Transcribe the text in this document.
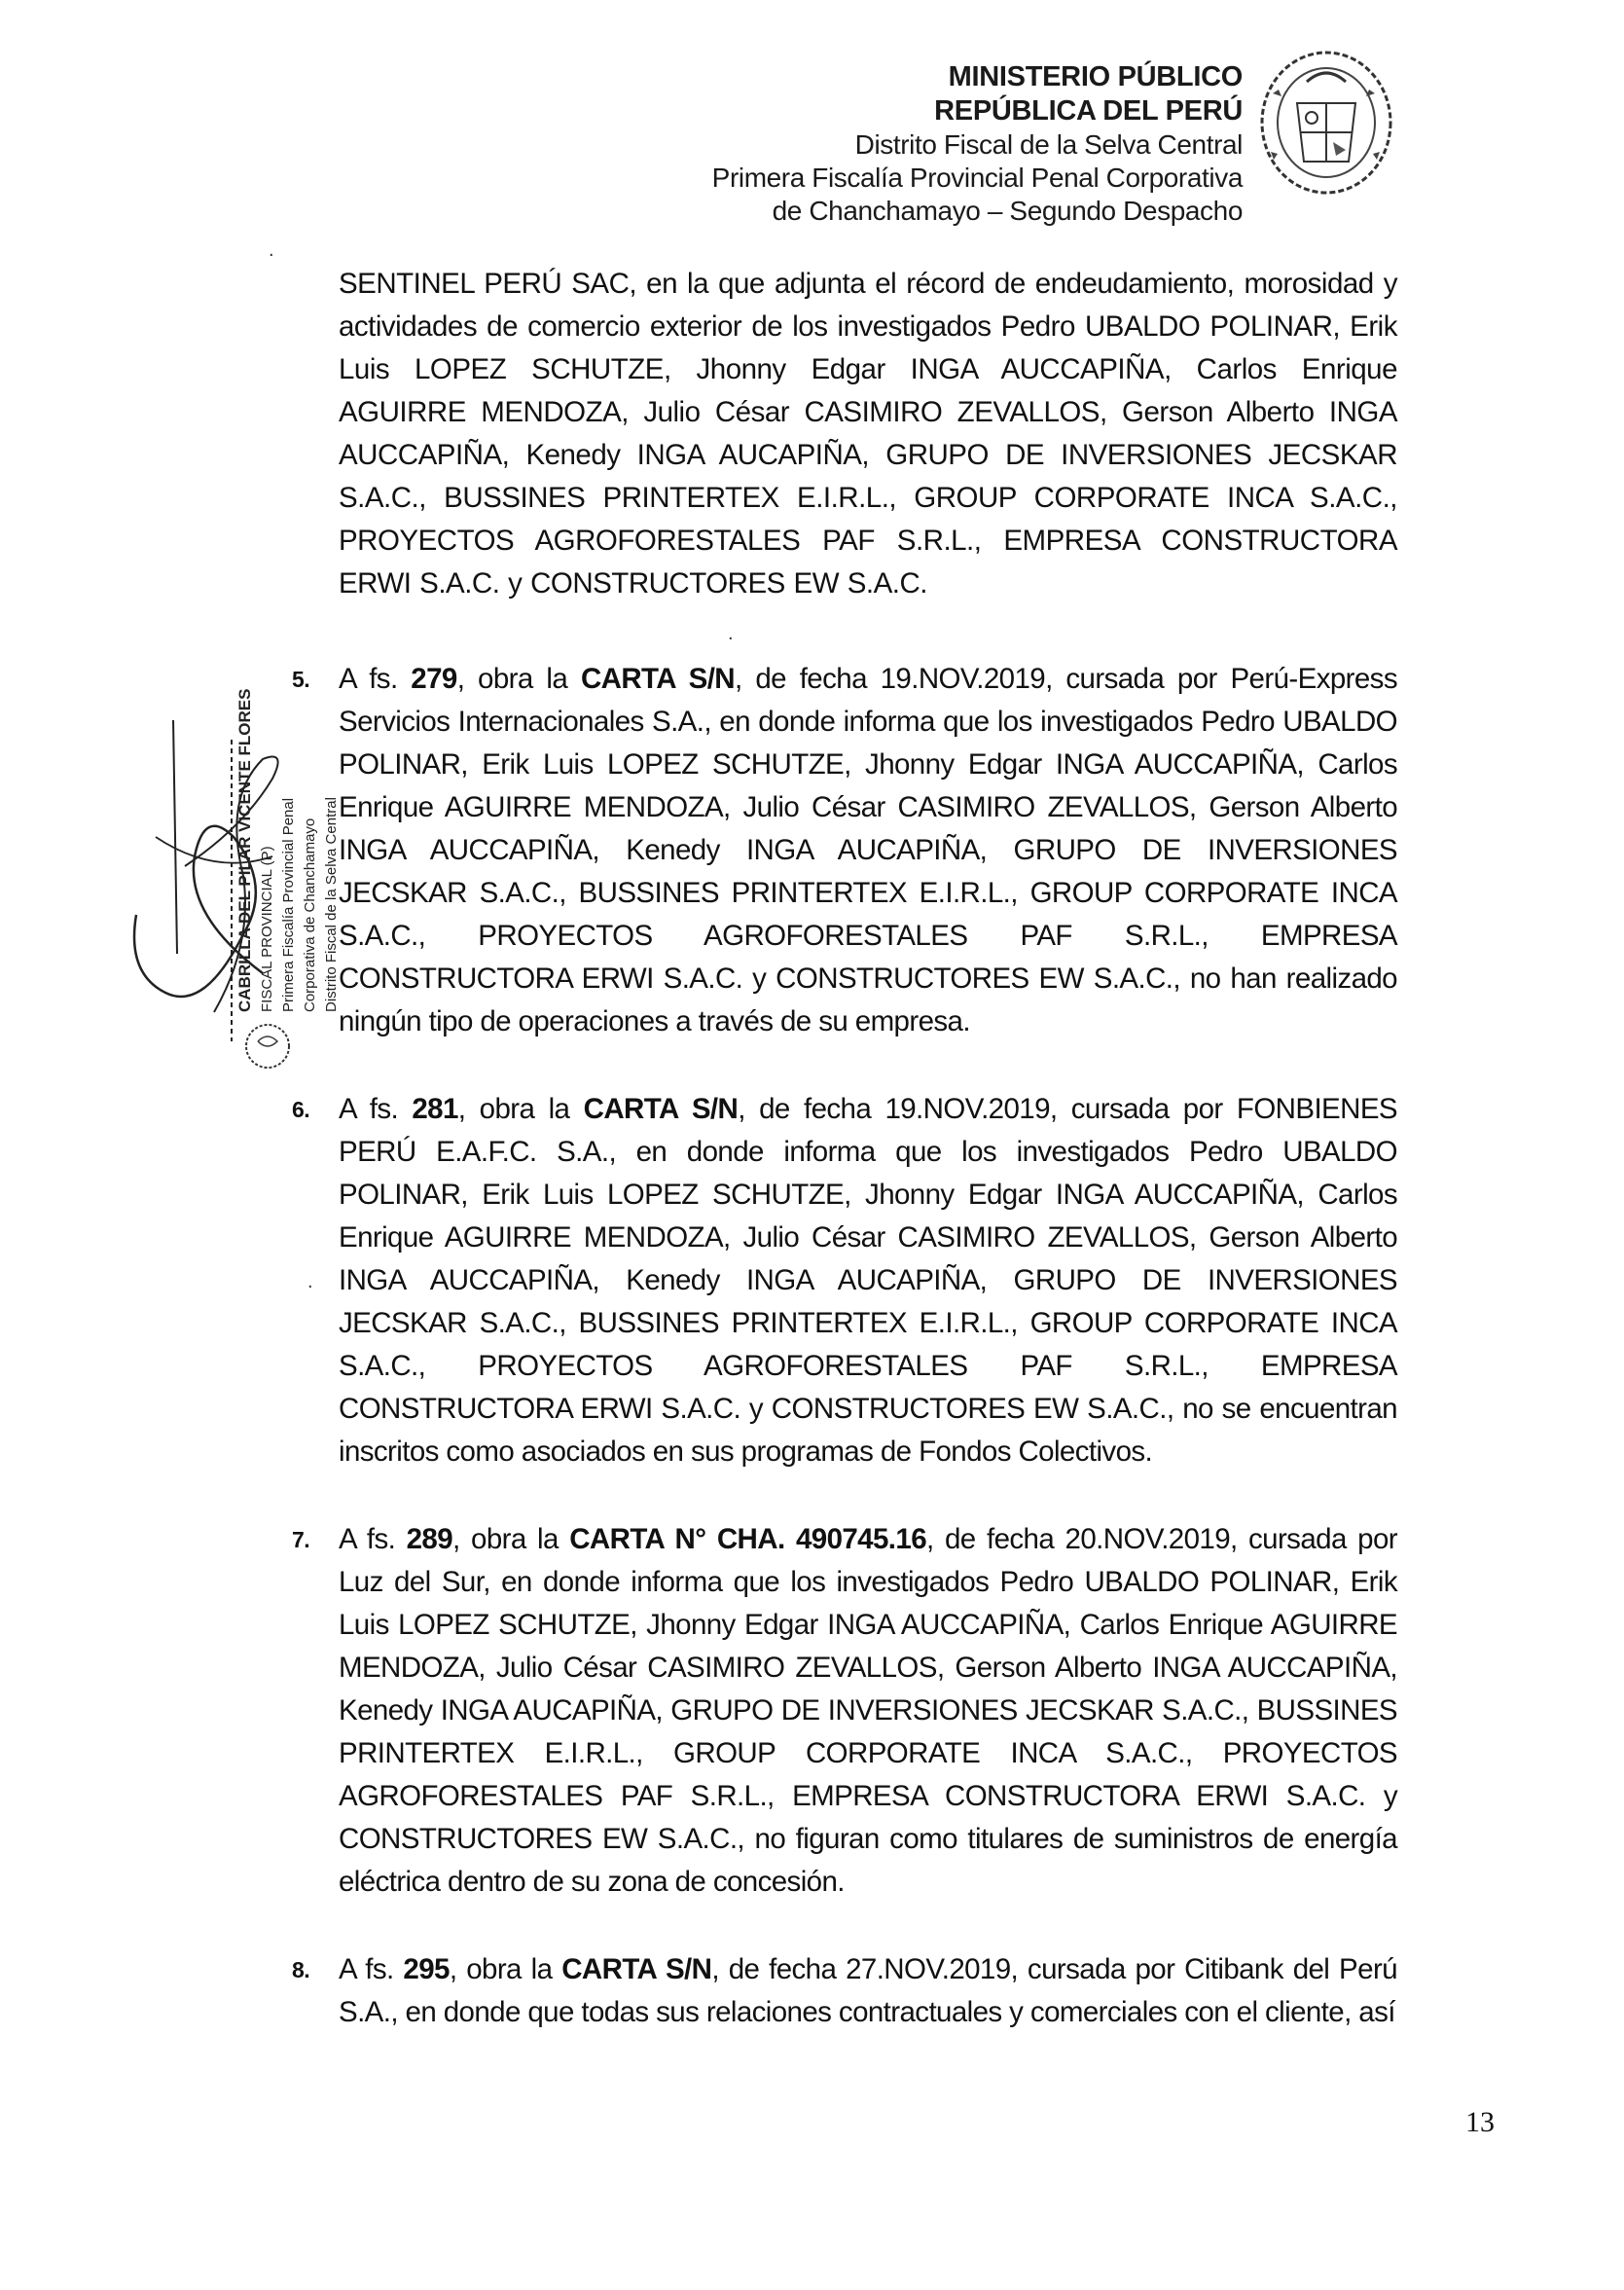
MINISTERIO PÚBLICO
REPÚBLICA DEL PERÚ
Distrito Fiscal de la Selva Central
Primera Fiscalía Provincial Penal Corporativa
de Chanchamayo – Segundo Despacho
SENTINEL PERÚ SAC, en la que adjunta el récord de endeudamiento, morosidad y actividades de comercio exterior de los investigados Pedro UBALDO POLINAR, Erik Luis LOPEZ SCHUTZE, Jhonny Edgar INGA AUCCAPIÑA, Carlos Enrique AGUIRRE MENDOZA, Julio César CASIMIRO ZEVALLOS, Gerson Alberto INGA AUCCAPIÑA, Kenedy INGA AUCAPIÑA, GRUPO DE INVERSIONES JECSKAR S.A.C., BUSSINES PRINTERTEX E.I.R.L., GROUP CORPORATE INCA S.A.C., PROYECTOS AGROFORESTALES PAF S.R.L., EMPRESA CONSTRUCTORA ERWI S.A.C. y CONSTRUCTORES EW S.A.C.
5.	A fs. 279, obra la CARTA S/N, de fecha 19.NOV.2019, cursada por Perú-Express Servicios Internacionales S.A., en donde informa que los investigados Pedro UBALDO POLINAR, Erik Luis LOPEZ SCHUTZE, Jhonny Edgar INGA AUCCAPIÑA, Carlos Enrique AGUIRRE MENDOZA, Julio César CASIMIRO ZEVALLOS, Gerson Alberto INGA AUCCAPIÑA, Kenedy INGA AUCAPIÑA, GRUPO DE INVERSIONES JECSKAR S.A.C., BUSSINES PRINTERTEX E.I.R.L., GROUP CORPORATE INCA S.A.C., PROYECTOS AGROFORESTALES PAF S.R.L., EMPRESA CONSTRUCTORA ERWI S.A.C. y CONSTRUCTORES EW S.A.C., no han realizado ningún tipo de operaciones a través de su empresa.
6.	A fs. 281, obra la CARTA S/N, de fecha 19.NOV.2019, cursada por FONBIENES PERÚ E.A.F.C. S.A., en donde informa que los investigados Pedro UBALDO POLINAR, Erik Luis LOPEZ SCHUTZE, Jhonny Edgar INGA AUCCAPIÑA, Carlos Enrique AGUIRRE MENDOZA, Julio César CASIMIRO ZEVALLOS, Gerson Alberto INGA AUCCAPIÑA, Kenedy INGA AUCAPIÑA, GRUPO DE INVERSIONES JECSKAR S.A.C., BUSSINES PRINTERTEX E.I.R.L., GROUP CORPORATE INCA S.A.C., PROYECTOS AGROFORESTALES PAF S.R.L., EMPRESA CONSTRUCTORA ERWI S.A.C. y CONSTRUCTORES EW S.A.C., no se encuentran inscritos como asociados en sus programas de Fondos Colectivos.
7.	A fs. 289, obra la CARTA N° CHA. 490745.16, de fecha 20.NOV.2019, cursada por Luz del Sur, en donde informa que los investigados Pedro UBALDO POLINAR, Erik Luis LOPEZ SCHUTZE, Jhonny Edgar INGA AUCCAPIÑA, Carlos Enrique AGUIRRE MENDOZA, Julio César CASIMIRO ZEVALLOS, Gerson Alberto INGA AUCCAPIÑA, Kenedy INGA AUCAPIÑA, GRUPO DE INVERSIONES JECSKAR S.A.C., BUSSINES PRINTERTEX E.I.R.L., GROUP CORPORATE INCA S.A.C., PROYECTOS AGROFORESTALES PAF S.R.L., EMPRESA CONSTRUCTORA ERWI S.A.C. y CONSTRUCTORES EW S.A.C., no figuran como titulares de suministros de energía eléctrica dentro de su zona de concesión.
8.	A fs. 295, obra la CARTA S/N, de fecha 27.NOV.2019, cursada por Citibank del Perú S.A., en donde que todas sus relaciones contractuales y comerciales con el cliente, así
CABRILLA DEL PILAR VICENTE FLORES FISCAL PROVINCIAL (P) Primera Fiscalía Provincial Penal Corporativa de Chanchamayo Distrito Fiscal de la Selva Central
.
.
.
13
